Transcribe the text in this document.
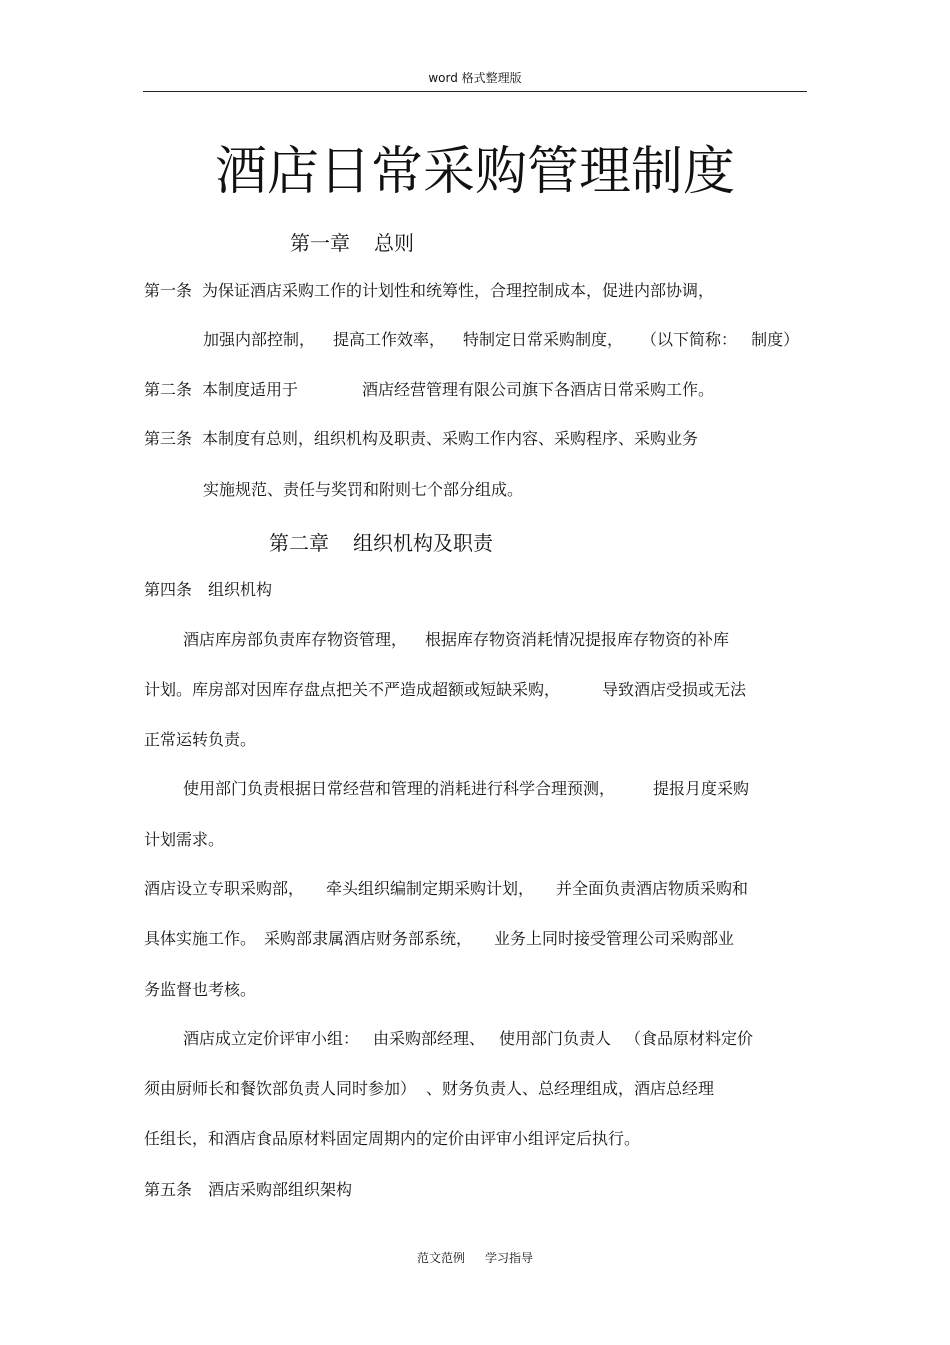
word 格式整理版
酒店日常采购管理制度
第一章 总则
第一条 为保证酒店采购工作的计划性和统筹性，合理控制成本，促进内部协调，
加强内部控制， 提高工作效率， 特制定日常采购制度， （以下简称： 制度）
第二条 本制度适用于	酒店经营管理有限公司旗下各酒店日常采购工作。
第三条 本制度有总则，组织机构及职责、采购工作内容、采购程序、采购业务
实施规范、责任与奖罚和附则七个部分组成。
第二章 组织机构及职责
第四条 组织机构
酒店库房部负责库存物资管理， 根据库存物资消耗情况提报库存物资的补库
计划。库房部对因库存盘点把关不严造成超额或短缺采购，	导致酒店受损或无法
正常运转负责。
使用部门负责根据日常经营和管理的消耗进行科学合理预测， 提报月度采购
计划需求。
酒店设立专职采购部， 牵头组织编制定期采购计划， 并全面负责酒店物质采购和
具体实施工作。 采购部隶属酒店财务部系统， 业务上同时接受管理公司采购部业
务监督也考核。
酒店成立定价评审小组： 由采购部经理、 使用部门负责人 （食品原材料定价
须由厨师长和餐饮部负责人同时参加） 、财务负责人、总经理组成，酒店总经理
任组长，和酒店食品原材料固定周期内的定价由评审小组评定后执行。
第五条 酒店采购部组织架构
范文范例 学习指导
